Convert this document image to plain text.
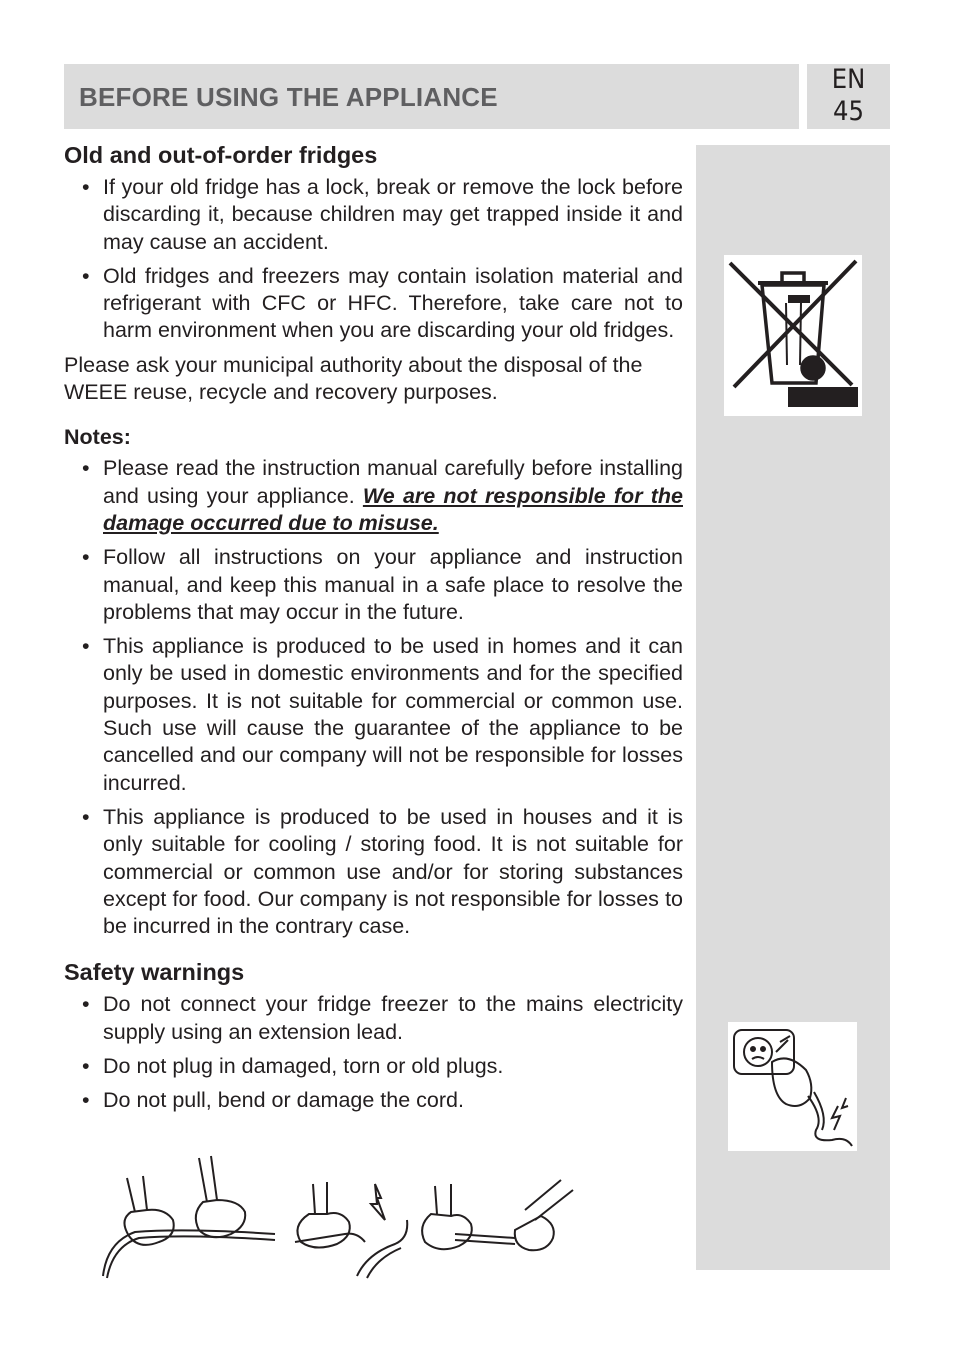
BEFORE USING THE APPLIANCE
EN
45
Old and out-of-order fridges
• If your old fridge has a lock, break or remove the lock before discarding it, because children may get trapped inside it and may cause an accident.
• Old fridges and freezers may contain isolation material and refrigerant with CFC or HFC. Therefore, take care not to harm environment when you are discarding your old fridges.

Please ask your municipal authority about the disposal of the WEEE reuse, recycle and recovery purposes.

Notes:
• Please read the instruction manual carefully before installing and using your appliance. We are not responsible for the damage occurred due to misuse.
• Follow all instructions on your appliance and instruction manual, and keep this manual in a safe place to resolve the problems that may occur in the future.
• This appliance is produced to be used in homes and it can only be used in domestic environments and for the specified purposes. It is not suitable for commercial or common use. Such use will cause the guarantee of the appliance to be cancelled and our company will not be responsible for losses incurred.
• This appliance is produced to be used in houses and it is only suitable for cooling / storing food. It is not suitable for commercial or common use and/or for storing substances except for food. Our company is not responsible for losses to be incurred in the contrary case.
Safety warnings
• Do not connect your fridge freezer to the mains electricity supply using an extension lead.
• Do not plug in damaged, torn or old plugs.
• Do not pull, bend or damage the cord.
